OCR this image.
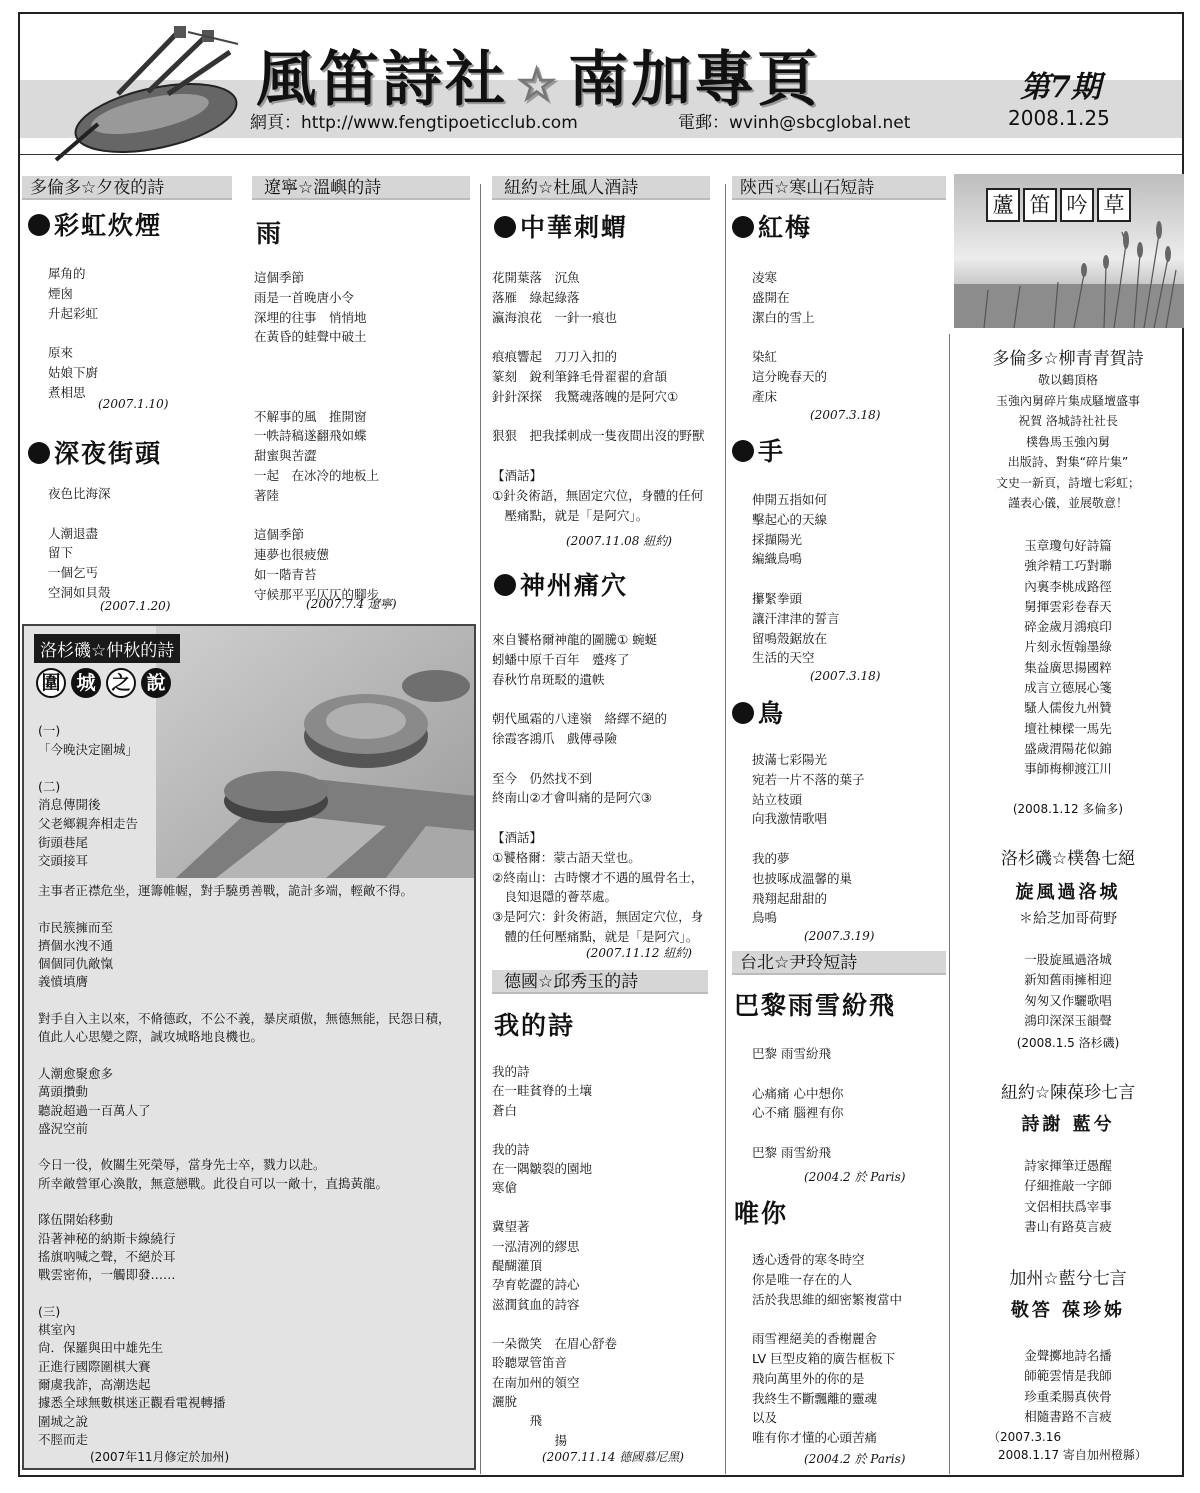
風笛詩社 ☆ 南加專頁
網頁：http://www.fengtipoeticclub.com	電郵：wvinh@sbcglobal.net
第7期
2008.1.25
多倫多☆夕夜的詩
彩虹炊煙
犀角的
煙囪
升起彩虹

原來
姑娘下廚
煮相思
(2007.1.10)
深夜街頭
夜色比海深

人潮退盡
留下
一個乞丐
空洞如貝殼
(2007.1.20)
遼寧☆溫嶼的詩
雨
這個季節
雨是一首晚唐小令
深埋的往事　悄悄地
在黃昏的蛙聲中破土

不解事的風　推開窗
一帙詩稿遂翻飛如蝶
甜蜜與苦澀
一起　在冰冷的地板上
著陸

這個季節
連夢也很疲憊
如一階青苔
守候那平平仄仄的腳步
(2007.7.4 遼寧)
洛杉磯☆仲秋的詩
圍 城 之 說
(一)
「今晚決定圍城」

(二)
消息傳開後
父老鄉親奔相走告
街頭巷尾
交頭接耳
主事者正襟危坐，運籌帷幄，對手驍勇善戰，詭計多端，輕敵不得。

市民簇擁而至
擠個水洩不通
個個同仇敵愾
義憤填膺

對手自入主以來，不脩德政，不公不義，暴戾頑傲，無德無能，民怨日積，
值此人心思變之際，誠攻城略地良機也。

人潮愈聚愈多
萬頭攢動
聽說超過一百萬人了
盛況空前

今日一役，攸關生死榮辱，當身先士卒，戮力以赴。
所幸敵營軍心渙散，無意戀戰。此役自可以一敵十，直搗黃龍。

隊伍開始移動
沿著神秘的納斯卡線繞行
搖旗吶喊之聲，不絕於耳
戰雲密佈，一觸即發……

(三)
棋室內
尙．保羅與田中雄先生
正進行國際圍棋大賽
爾虞我詐，高潮迭起
據悉全球無數棋迷正觀看電視轉播
圍城之說
不脛而走
(2007年11月修定於加州)
紐約☆杜風人酒詩
中華刺蝟
花開葉落　沉魚
落雁　綠起綠落
瀛海浪花　一針一痕也

痕痕響起　刀刀入扣的
篆刻　銳利筆鋒毛骨翟翟的倉頡
針針深探　我驚魂落魄的是阿穴①

狠狠　把我揉刺成一隻夜間出沒的野獸

【酒話】
①針灸術語，無固定穴位，身體的任何
　壓痛點，就是「是阿穴」。
(2007.11.08 紐約)
神州痛穴
來自饕格爾神龍的圖騰① 蜿蜒
蚓蟠中原千百年　蹙疼了
春秋竹帛斑駁的遺帙

朝代風霜的八達嶺　絡繹不絕的
徐霞客鴻爪　戲傳尋險

至今　仍然找不到
終南山②才會叫痛的是阿穴③

【酒話】
①饕格爾：蒙古語天堂也。
②終南山：古時懷才不遇的風骨名士，
　良知退隱的薈萃處。
③是阿穴：針灸術語，無固定穴位，身
　體的任何壓痛點，就是「是阿穴」。
(2007.11.12 紐約)
德國☆邱秀玉的詩
我的詩
我的詩
在一畦貧脊的土壤
蒼白

我的詩
在一隅皺裂的園地
寒傖

冀望著
一泓清冽的繆思
醍醐灌頂
孕育乾澀的詩心
滋潤貧血的詩容

一朵微笑　在眉心舒卷
聆聽眾管笛音
在南加州的領空
灑脫
　　　飛
　　　　　揚
(2007.11.14 德國慕尼黑)
陝西☆寒山石短詩
紅梅
凌寒
盛開在
潔白的雪上

染紅
這分晚春天的
產床
(2007.3.18)
手
伸開五指如何
擊起心的天線
採擷陽光
編織鳥鳴

攥緊拳頭
讓汗津津的誓言
留鳴殼鋸放在
生活的天空
(2007.3.18)
鳥
披滿七彩陽光
宛若一片不落的葉子
站立枝頭
向我激情歌唱

我的夢
也披啄成溫馨的巢
飛翔起甜甜的
鳥鳴
(2007.3.19)
台北☆尹玲短詩
巴黎雨雪紛飛
巴黎 雨雪紛飛

心痛痛 心中想你
心不痛 腦裡有你

巴黎 雨雪紛飛
(2004.2 於 Paris)
唯你
透心透骨的寒冬時空
你是唯一存在的人
活於我思維的細密繁複當中

雨雪裡絕美的香榭麗舍
LV 巨型皮箱的廣告框板下
飛向萬里外的你的是
我終生不斷飄離的靈魂
以及
唯有你才懂的心頭苦痛
(2004.2 於 Paris)
蘆 笛 吟 草
多倫多☆柳青青賀詩
敬以鶴頂格
玉強內舅碎片集成騷壇盛事
祝賀 洛城詩社社長
樸魯馬玉強內舅
出版詩、對集“碎片集”
文史一新頁，詩壇七彩虹；
謹表心儀，並展敬意！
玉章瓊句好詩篇
強斧精工巧對聯
內裏李桃成路徑
舅揮雲彩卷春天
碎金歲月鴻痕印
片刻永恆翰墨綠
集益廣思揚國粹
成言立德展心箋
騷人儒俊九州贊
壇社棟樑一馬先
盛歲渭陽花似錦
事師梅柳渡江川
(2008.1.12 多倫多)
洛杉磯☆樸魯七絕
旋風過洛城
＊給芝加哥荷野
一股旋風過洛城
新知舊雨擁相迎
匆匆又作驪歌唱
鴻印深深玉韻聲
(2008.1.5 洛杉磯)
紐約☆陳葆珍七言
詩謝 藍兮
詩家揮筆迂愚醒
仔細推敲一字師
文侶相扶爲宰事
書山有路莫言疲
加州☆藍兮七言
敬答 葆珍姊
金聲擲地詩名播
師範雲情是我師
珍重柔腸真俠骨
相隨書路不言疲
（2007.3.16
2008.1.17 寄自加州橙縣）
